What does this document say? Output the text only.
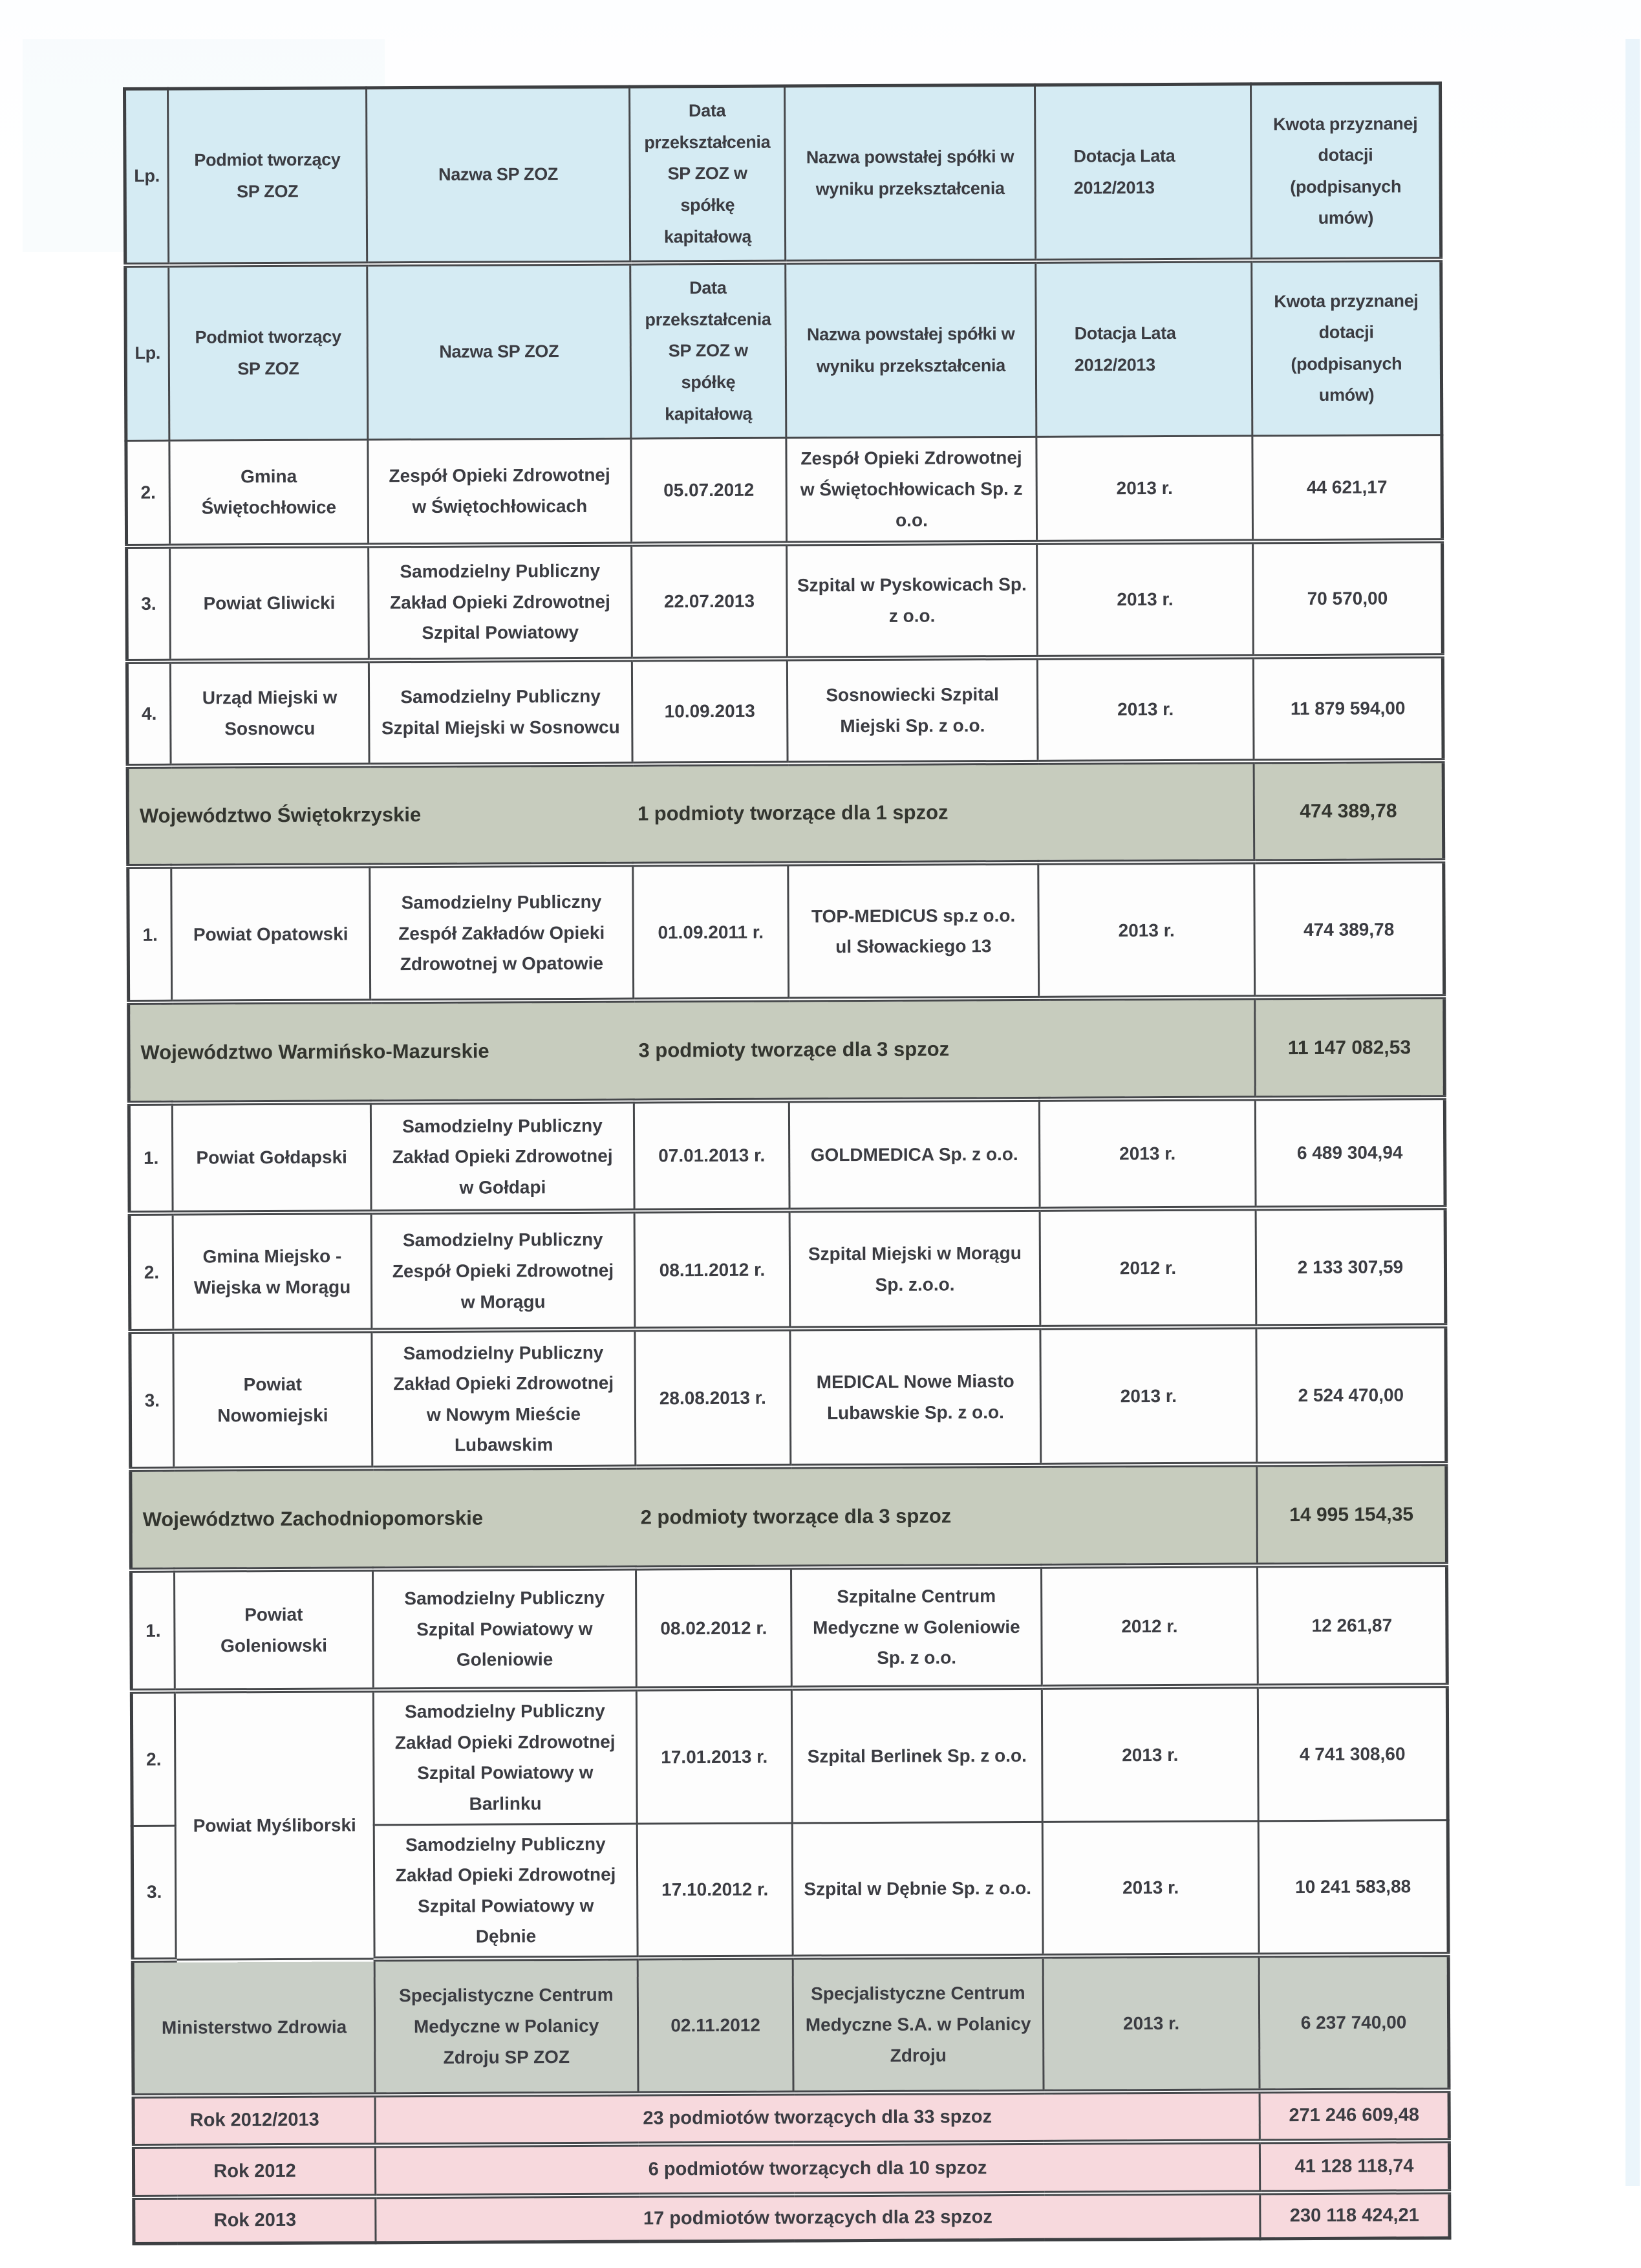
Lp.	Podmiot tworzący
SP ZOZ	Nazwa SP ZOZ	Data
przekształcenia
SP ZOZ w
spółkę
kapitałową	Nazwa powstałej spółki w
wyniku przekształcenia	Dotacja Lata
2012/2013	Kwota przyznanej
dotacji
(podpisanych
umów)
Lp.	Podmiot tworzący
SP ZOZ	Nazwa SP ZOZ	Data
przekształcenia
SP ZOZ w
spółkę
kapitałową	Nazwa powstałej spółki w
wyniku przekształcenia	Dotacja Lata
2012/2013	Kwota przyznanej
dotacji
(podpisanych
umów)
2.	Gmina
Świętochłowice	Zespół Opieki Zdrowotnej
w Świętochłowicach	05.07.2012	Zespół Opieki Zdrowotnej
w Świętochłowicach Sp. z
o.o.	2013 r.	44 621,17
3.	Powiat Gliwicki	Samodzielny Publiczny
Zakład Opieki Zdrowotnej
Szpital Powiatowy	22.07.2013	Szpital w Pyskowicach Sp.
z o.o.	2013 r.	70 570,00
4.	Urząd Miejski w
Sosnowcu	Samodzielny Publiczny
Szpital Miejski w Sosnowcu	10.09.2013	Sosnowiecki Szpital
Miejski Sp. z o.o.	2013 r.	11 879 594,00

Województwo Świętokrzyskie 1 podmioty tworzące dla 1 spzoz						474 389,78
1.	Powiat Opatowski	Samodzielny Publiczny
Zespół Zakładów Opieki
Zdrowotnej w Opatowie	01.09.2011 r.	TOP-MEDICUS sp.z o.o.
ul Słowackiego 13	2013 r.	474 389,78

Województwo Warmińsko-Mazurskie 3 podmioty tworzące dla 3 spzoz						11 147 082,53
1.	Powiat Gołdapski	Samodzielny Publiczny
Zakład Opieki Zdrowotnej
w Gołdapi	07.01.2013 r.	GOLDMEDICA Sp. z o.o.	2013 r.	6 489 304,94
2.	Gmina Miejsko -
Wiejska w Morągu	Samodzielny Publiczny
Zespół Opieki Zdrowotnej
w Morągu	08.11.2012 r.	Szpital Miejski w Morągu
Sp. z.o.o.	2012 r.	2 133 307,59
3.	Powiat
Nowomiejski	Samodzielny Publiczny
Zakład Opieki Zdrowotnej
w Nowym Mieście
Lubawskim	28.08.2013 r.	MEDICAL Nowe Miasto
Lubawskie Sp. z o.o.	2013 r.	2 524 470,00

Województwo Zachodniopomorskie 2 podmioty tworzące dla 3 spzoz						14 995 154,35
1.	Powiat
Goleniowski	Samodzielny Publiczny
Szpital Powiatowy w
Goleniowie	08.02.2012 r.	Szpitalne Centrum
Medyczne w Goleniowie
Sp. z o.o.	2012 r.	12 261,87
2.	Powiat Myśliborski	Samodzielny Publiczny
Zakład Opieki Zdrowotnej
Szpital Powiatowy w
Barlinku	17.01.2013 r.	Szpital Berlinek Sp. z o.o.	2013 r.	4 741 308,60
3.		Samodzielny Publiczny
Zakład Opieki Zdrowotnej
Szpital Powiatowy w
Dębnie	17.10.2012 r.	Szpital w Dębnie Sp. z o.o.	2013 r.	10 241 583,88
Ministerstwo Zdrowia		Specjalistyczne Centrum
Medyczne w Polanicy
Zdroju SP ZOZ	02.11.2012	Specjalistyczne Centrum
Medyczne S.A. w Polanicy
Zdroju	2013 r.	6 237 740,00
Rok 2012/2013		23 podmiotów tworzących dla 33 spzoz				271 246 609,48
Rok 2012		6 podmiotów tworzących dla 10 spzoz				41 128 118,74
Rok 2013		17 podmiotów tworzących dla 23 spzoz				230 118 424,21
